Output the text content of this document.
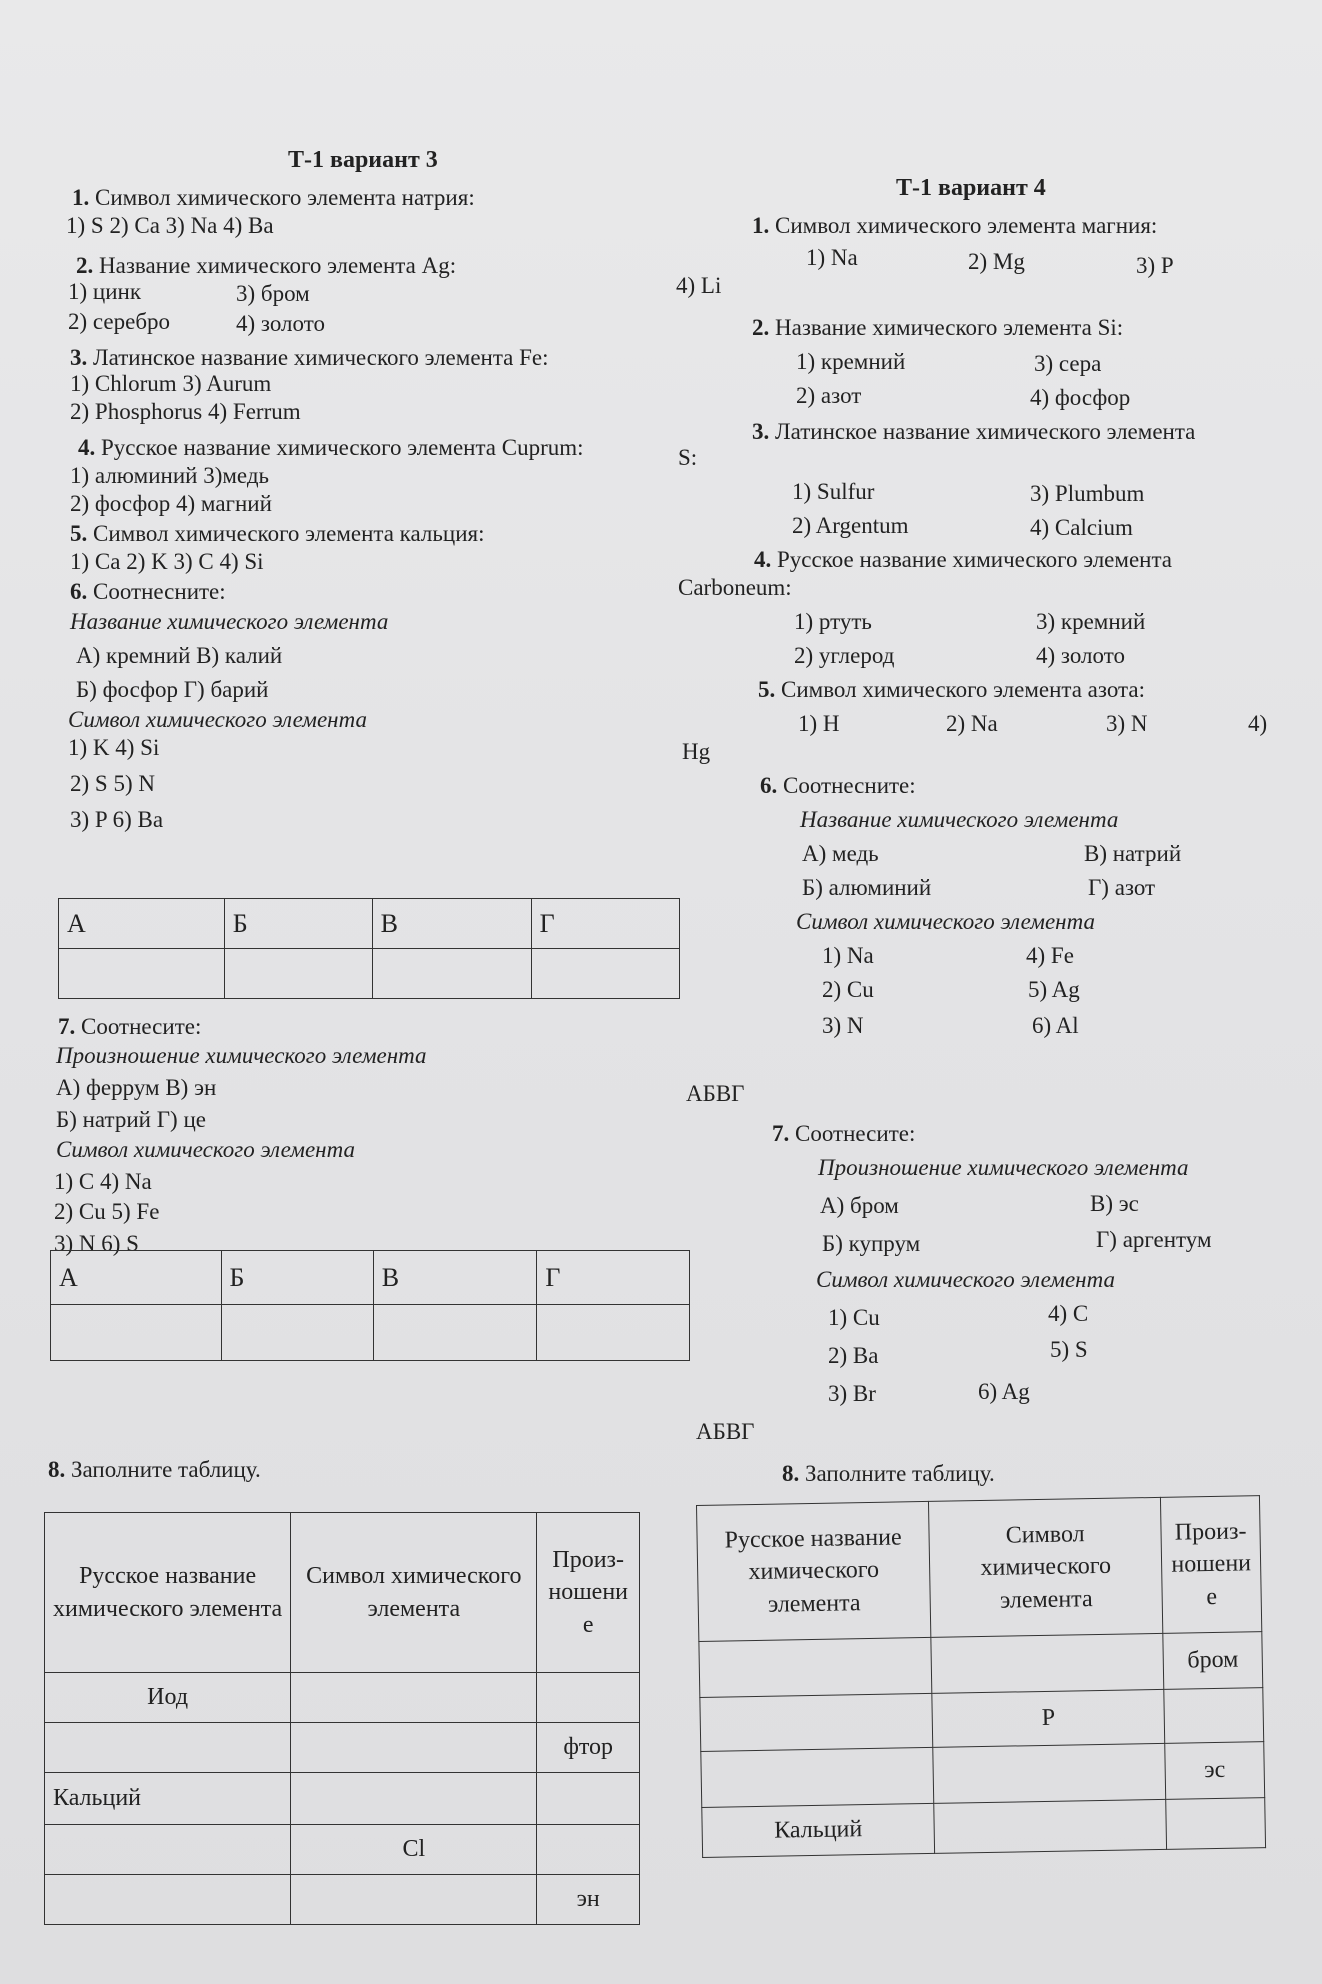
Т-1 вариант 3
1. Символ химического элемента натрия:
1) S 2) Ca 3) Na 4) Ba
2. Название химического элемента Ag:
1) цинк	3) бром
2) серебро	4) золото
3. Латинское название химического элемента Fe:
1) Chlorum 3) Aurum
2) Phosphorus 4) Ferrum
4. Русское название химического элемента Cuprum:
1) алюминий 3)медь
2) фосфор 4) магний
5. Символ химического элемента кальция:
1) Ca 2) K 3) C 4) Si
6. Соотнесните:
Название химического элемента
А) кремний В) калий
Б) фосфор Г) барий
Символ химического элемента
1) K 4) Si
2) S 5) N
3) P 6) Ba
А	Б	В	Г

7. Соотнесите:
Произношение химического элемента
А) феррум В) эн
Б) натрий Г) це
Символ химического элемента
1) C 4) Na
2) Cu 5) Fe
3) N 6) S
А	Б	В	Г

8. Заполните таблицу.
Русское название химического элемента	Символ химического элемента	Произ-ношени е
Иод		
		фтор
Кальций		
	Cl	
		эн
Т-1 вариант 4
1. Символ химического элемента магния:
1) Na	2) Mg	3) P
4) Li
2. Название химического элемента Si:
1) кремний	3) сера
2) азот	4) фосфор
3. Латинское название химического элемента
S:
1) Sulfur	3) Plumbum
2) Argentum	4) Calcium
4. Русское название химического элемента
Carboneum:
1) ртуть	3) кремний
2) углерод	4) золото
5. Символ химического элемента азота:
1) H	2) Na	3) N	4)
Hg
6. Соотнесните:
Название химического элемента
А) медь	В) натрий
Б) алюминий	Г) азот
Символ химического элемента
1) Na	4) Fe
2) Cu	5) Ag
3) N	6) Al
АБВГ
7. Соотнесите:
Произношение химического элемента
А) бром	В) эс
Б) купрум	Г) аргентум
Символ химического элемента
1) Cu	4) C
2) Ba	5) S
3) Br	6) Ag
АБВГ
8. Заполните таблицу.
Русское название химического элемента	Символ химического элемента	Произ-ношени е
		бром
	P	
		эс
Кальций		
